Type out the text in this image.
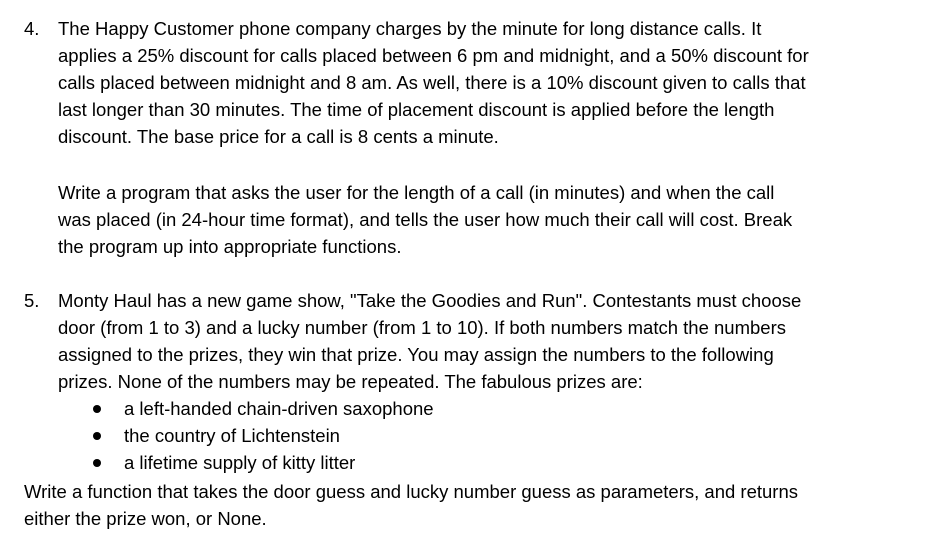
4. The Happy Customer phone company charges by the minute for long distance calls. It
applies a 25% discount for calls placed between 6 pm and midnight, and a 50% discount for
calls placed between midnight and 8 am. As well, there is a 10% discount given to calls that
last longer than 30 minutes. The time of placement discount is applied before the length
discount. The base price for a call is 8 cents a minute.
Write a program that asks the user for the length of a call (in minutes) and when the call
was placed (in 24-hour time format), and tells the user how much their call will cost. Break
the program up into appropriate functions.
5. Monty Haul has a new game show, "Take the Goodies and Run". Contestants must choose
door (from 1 to 3) and a lucky number (from 1 to 10). If both numbers match the numbers
assigned to the prizes, they win that prize. You may assign the numbers to the following
prizes. None of the numbers may be repeated. The fabulous prizes are:
a left-handed chain-driven saxophone
the country of Lichtenstein
a lifetime supply of kitty litter
Write a function that takes the door guess and lucky number guess as parameters, and returns
either the prize won, or None.
